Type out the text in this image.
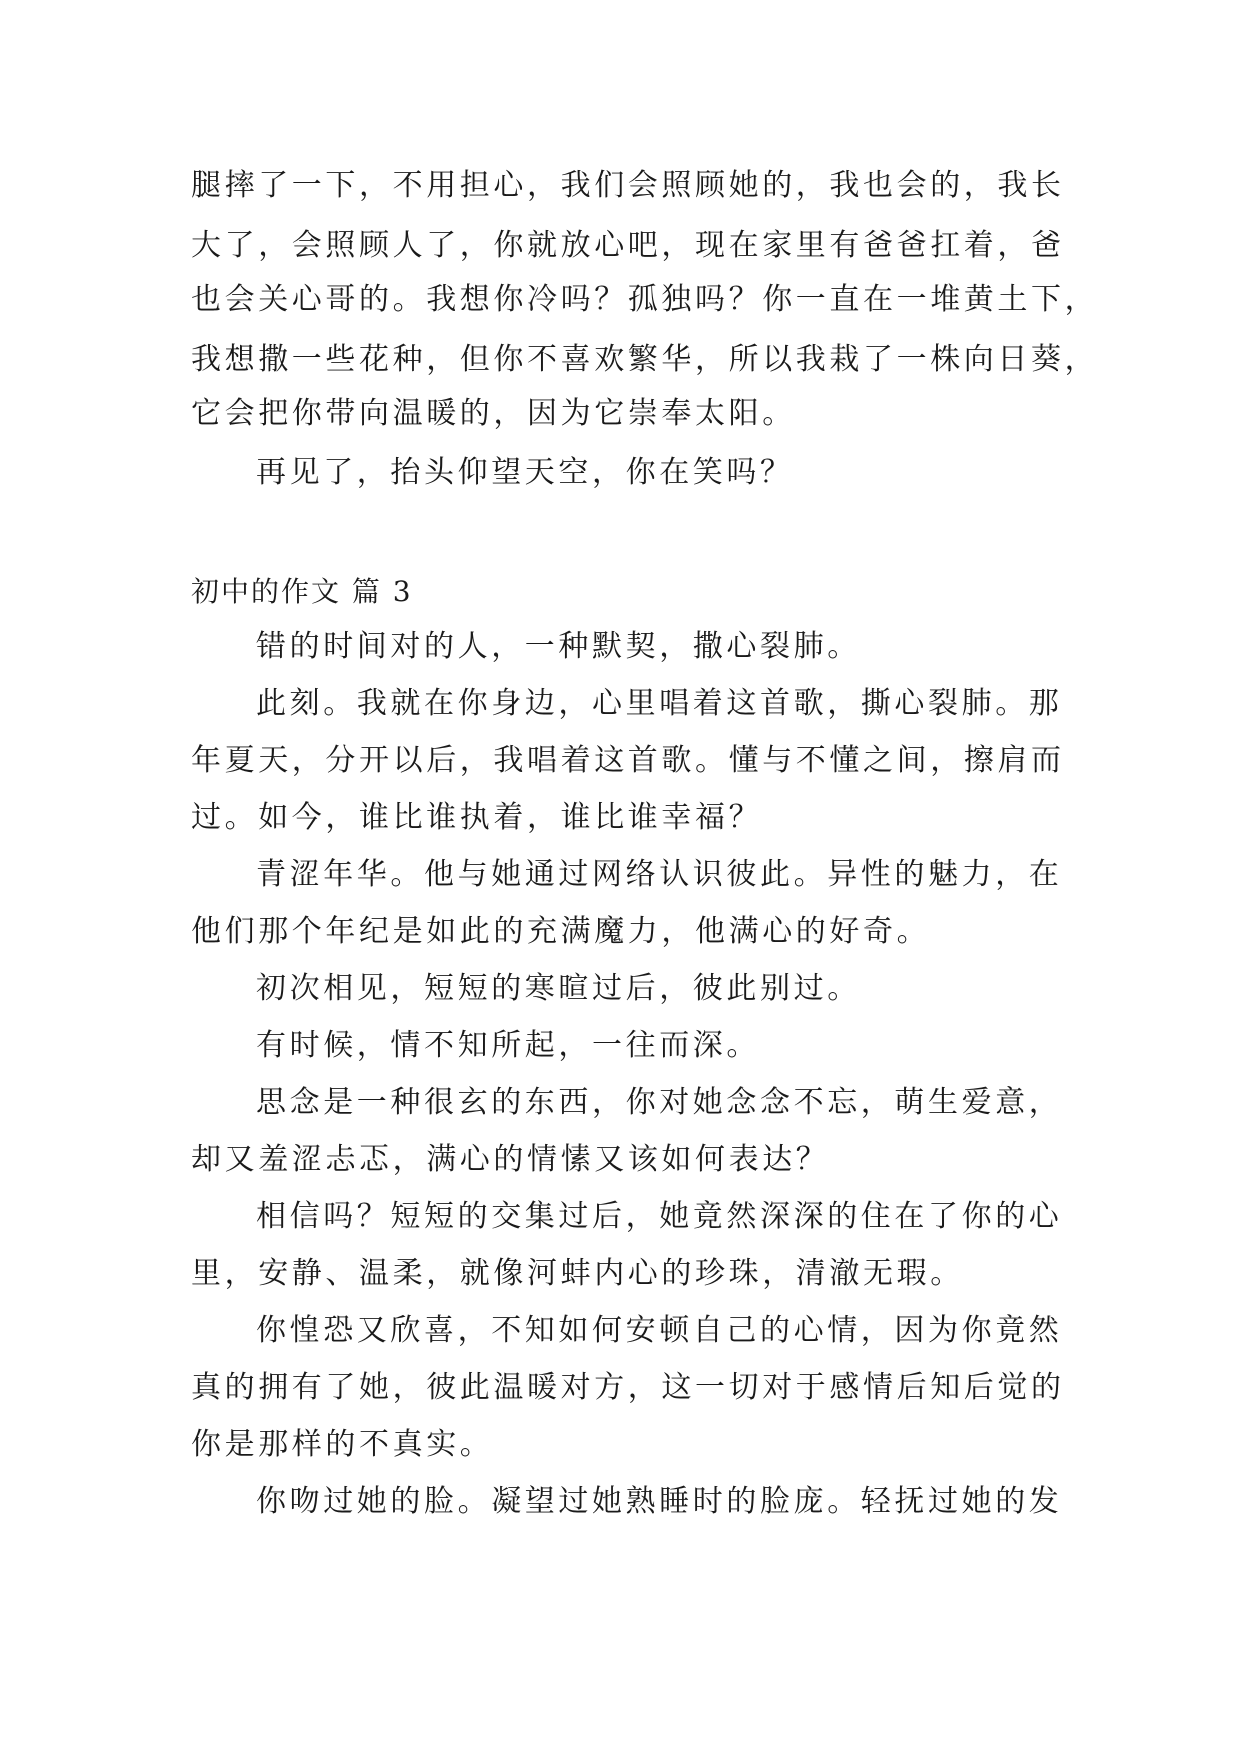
腿摔了一下，不用担心，我们会照顾她的，我也会的，我长
大了，会照顾人了，你就放心吧，现在家里有爸爸扛着，爸
也会关心哥的。我想你冷吗？孤独吗？你一直在一堆黄土下，
我想撒一些花种，但你不喜欢繁华，所以我栽了一株向日葵，
它会把你带向温暖的，因为它崇奉太阳。
再见了，抬头仰望天空，你在笑吗？
初中的作文 篇 3
错的时间对的人，一种默契，撒心裂肺。
此刻。我就在你身边，心里唱着这首歌，撕心裂肺。那
年夏天，分开以后，我唱着这首歌。懂与不懂之间，擦肩而
过。如今，谁比谁执着，谁比谁幸福？
青涩年华。他与她通过网络认识彼此。异性的魅力，在
他们那个年纪是如此的充满魔力，他满心的好奇。
初次相见，短短的寒暄过后，彼此别过。
有时候，情不知所起，一往而深。
思念是一种很玄的东西，你对她念念不忘，萌生爱意，
却又羞涩忐忑，满心的情愫又该如何表达？
相信吗？短短的交集过后，她竟然深深的住在了你的心
里，安静、温柔，就像河蚌内心的珍珠，清澈无瑕。
你惶恐又欣喜，不知如何安顿自己的心情，因为你竟然
真的拥有了她，彼此温暖对方，这一切对于感情后知后觉的
你是那样的不真实。
你吻过她的脸。凝望过她熟睡时的脸庞。轻抚过她的发
